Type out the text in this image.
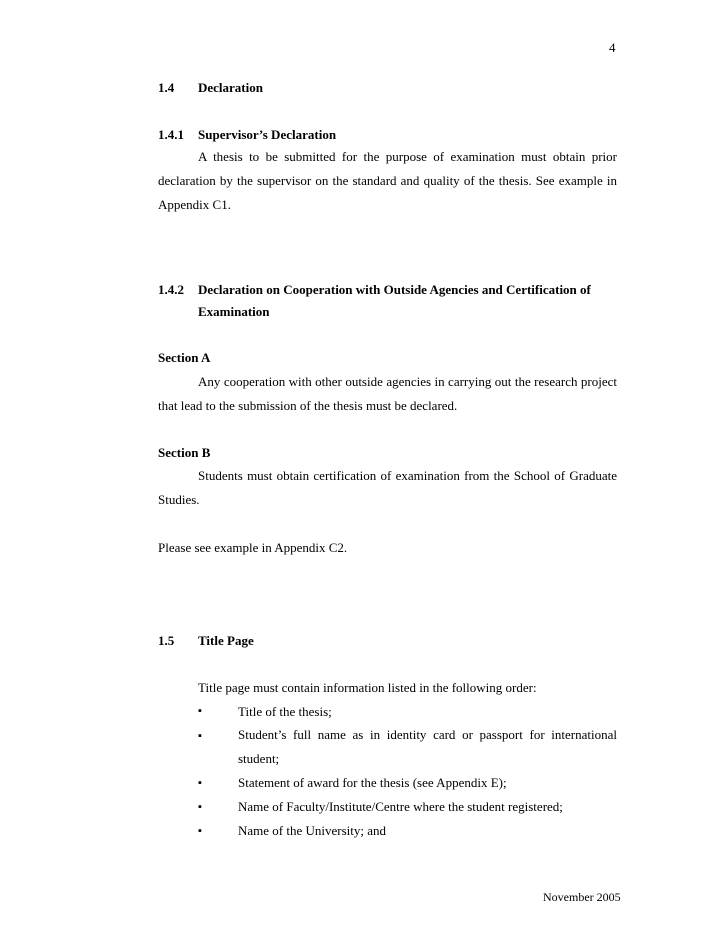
4
1.4 Declaration
1.4.1 Supervisor’s Declaration
A thesis to be submitted for the purpose of examination must obtain prior declaration by the supervisor on the standard and quality of the thesis. See example in Appendix C1.
1.4.2 Declaration on Cooperation with Outside Agencies and Certification of
Examination
Section A
Any cooperation with other outside agencies in carrying out the research project that lead to the submission of the thesis must be declared.
Section B
Students must obtain certification of examination from the School of Graduate Studies.
Please see example in Appendix C2.
1.5 Title Page
Title page must contain information listed in the following order:
▪	Title of the thesis;
▪	Student’s full name as in identity card or passport for international student;
▪	Statement of award for the thesis (see Appendix E);
▪	Name of Faculty/Institute/Centre where the student registered;
▪	Name of the University; and
November 2005
